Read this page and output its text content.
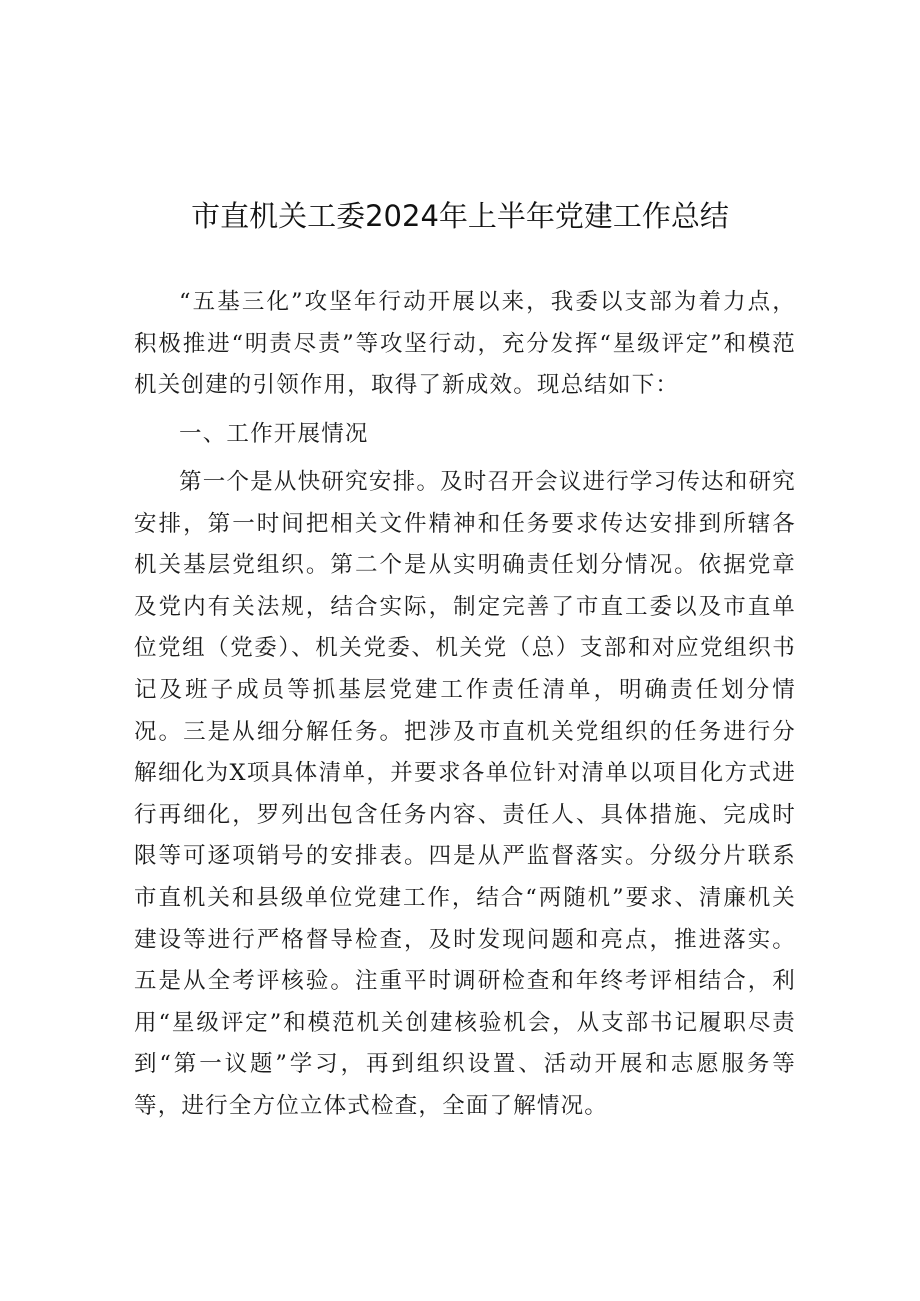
市直机关工委2024年上半年党建工作总结

“五基三化”攻坚年行动开展以来，我委以支部为着力点，积极推进“明责尽责”等攻坚行动，充分发挥“星级评定”和模范机关创建的引领作用，取得了新成效。现总结如下：

一、工作开展情况

第一个是从快研究安排。及时召开会议进行学习传达和研究安排，第一时间把相关文件精神和任务要求传达安排到所辖各机关基层党组织。第二个是从实明确责任划分情况。依据党章及党内有关法规，结合实际，制定完善了市直工委以及市直单位党组（党委）、机关党委、机关党（总）支部和对应党组织书记及班子成员等抓基层党建工作责任清单，明确责任划分情况。三是从细分解任务。把涉及市直机关党组织的任务进行分解细化为X项具体清单，并要求各单位针对清单以项目化方式进行再细化，罗列出包含任务内容、责任人、具体措施、完成时限等可逐项销号的安排表。四是从严监督落实。分级分片联系市直机关和县级单位党建工作，结合“两随机”要求、清廉机关建设等进行严格督导检查，及时发现问题和亮点，推进落实。五是从全考评核验。注重平时调研检查和年终考评相结合，利用“星级评定”和模范机关创建核验机会，从支部书记履职尽责到“第一议题”学习，再到组织设置、活动开展和志愿服务等等，进行全方位立体式检查，全面了解情况。
